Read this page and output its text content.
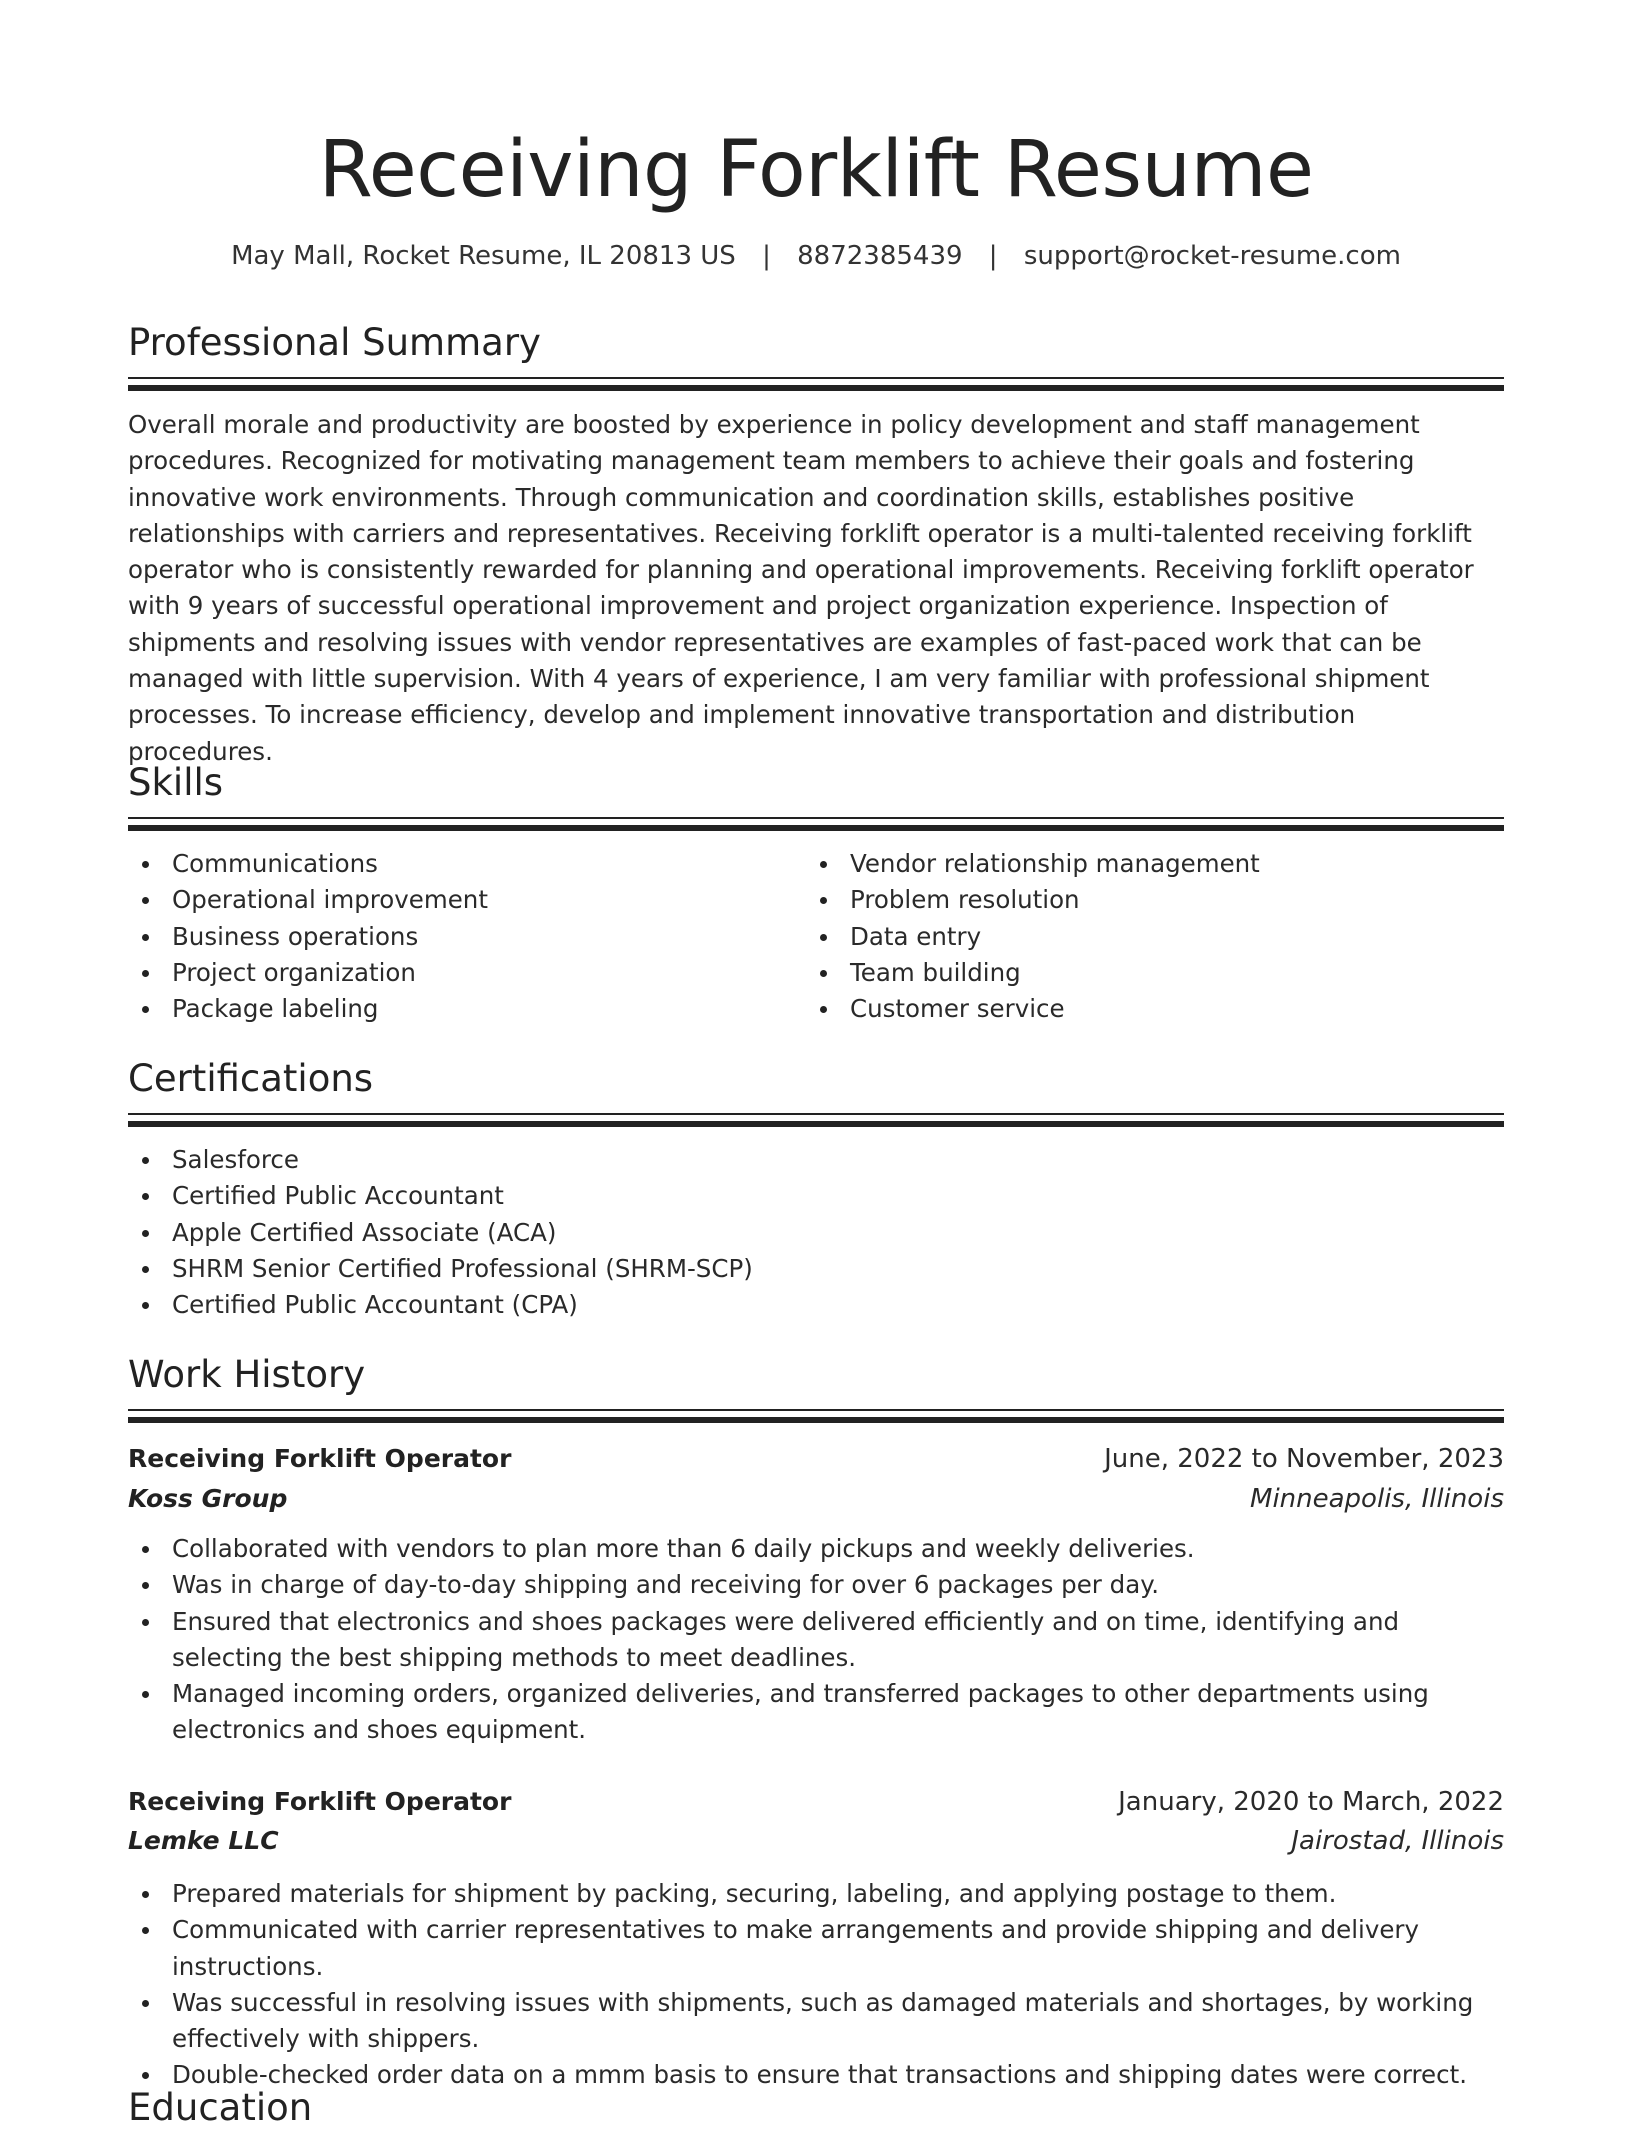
Receiving Forklift Resume
May Mall, Rocket Resume, IL 20813 US | 8872385439 | support@rocket-resume.com
Professional Summary

Overall morale and productivity are boosted by experience in policy development and staff management procedures. Recognized for motivating management team members to achieve their goals and fostering innovative work environments. Through communication and coordination skills, establishes positive relationships with carriers and representatives. Receiving forklift operator is a multi-talented receiving forklift operator who is consistently rewarded for planning and operational improvements. Receiving forklift operator with 9 years of successful operational improvement and project organization experience. Inspection of shipments and resolving issues with vendor representatives are examples of fast-paced work that can be managed with little supervision. With 4 years of experience, I am very familiar with professional shipment processes. To increase efficiency, develop and implement innovative transportation and distribution procedures.

Skills
Communications
Operational improvement
Business operations
Project organization
Package labeling
Vendor relationship management
Problem resolution
Data entry
Team building
Customer service
Certifications
Salesforce
Certified Public Accountant
Apple Certified Associate (ACA)
SHRM Senior Certified Professional (SHRM-SCP)
Certified Public Accountant (CPA)
Work History
Receiving Forklift Operator	June, 2022 to November, 2023
Koss Group	Minneapolis, Illinois
Collaborated with vendors to plan more than 6 daily pickups and weekly deliveries.
Was in charge of day-to-day shipping and receiving for over 6 packages per day.
Ensured that electronics and shoes packages were delivered efficiently and on time, identifying and selecting the best shipping methods to meet deadlines.
Managed incoming orders, organized deliveries, and transferred packages to other departments using electronics and shoes equipment.
Receiving Forklift Operator	January, 2020 to March, 2022
Lemke LLC	Jairostad, Illinois
Prepared materials for shipment by packing, securing, labeling, and applying postage to them.
Communicated with carrier representatives to make arrangements and provide shipping and delivery instructions.
Was successful in resolving issues with shipments, such as damaged materials and shortages, by working effectively with shippers.
Double-checked order data on a mmm basis to ensure that transactions and shipping dates were correct.
Education
